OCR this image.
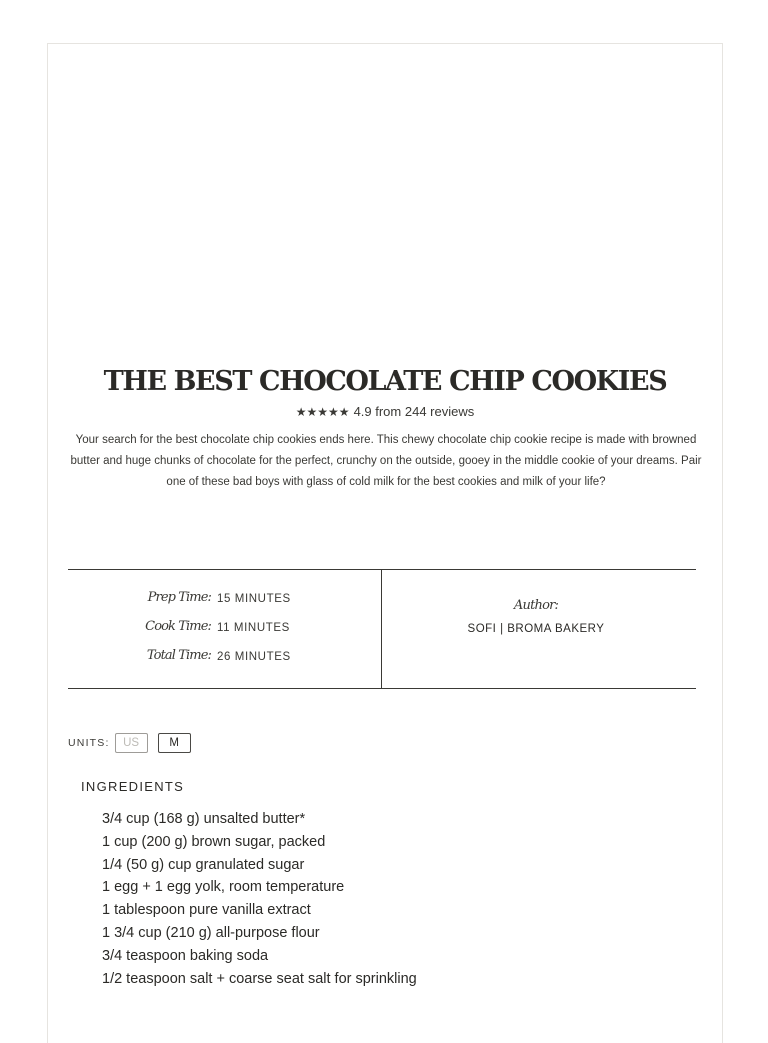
THE BEST CHOCOLATE CHIP COOKIES
★★★★★ 4.9 from 244 reviews

Your search for the best chocolate chip cookies ends here. This chewy chocolate chip cookie recipe is made with browned butter and huge chunks of chocolate for the perfect, crunchy on the outside, gooey in the middle cookie of your dreams. Pair one of these bad boys with glass of cold milk for the best cookies and milk of your life?

Prep Time: 15 MINUTES
Cook Time: 11 MINUTES
Total Time: 26 MINUTES
Author:
SOFI | BROMA BAKERY
UNITS:	US	M
INGREDIENTS
3/4 cup (168 g) unsalted butter*
1 cup (200 g) brown sugar, packed
1/4 (50 g) cup granulated sugar
1 egg + 1 egg yolk, room temperature
1 tablespoon pure vanilla extract
1 3/4 cup (210 g) all-purpose flour
3/4 teaspoon baking soda
1/2 teaspoon salt + coarse seat salt for sprinkling
